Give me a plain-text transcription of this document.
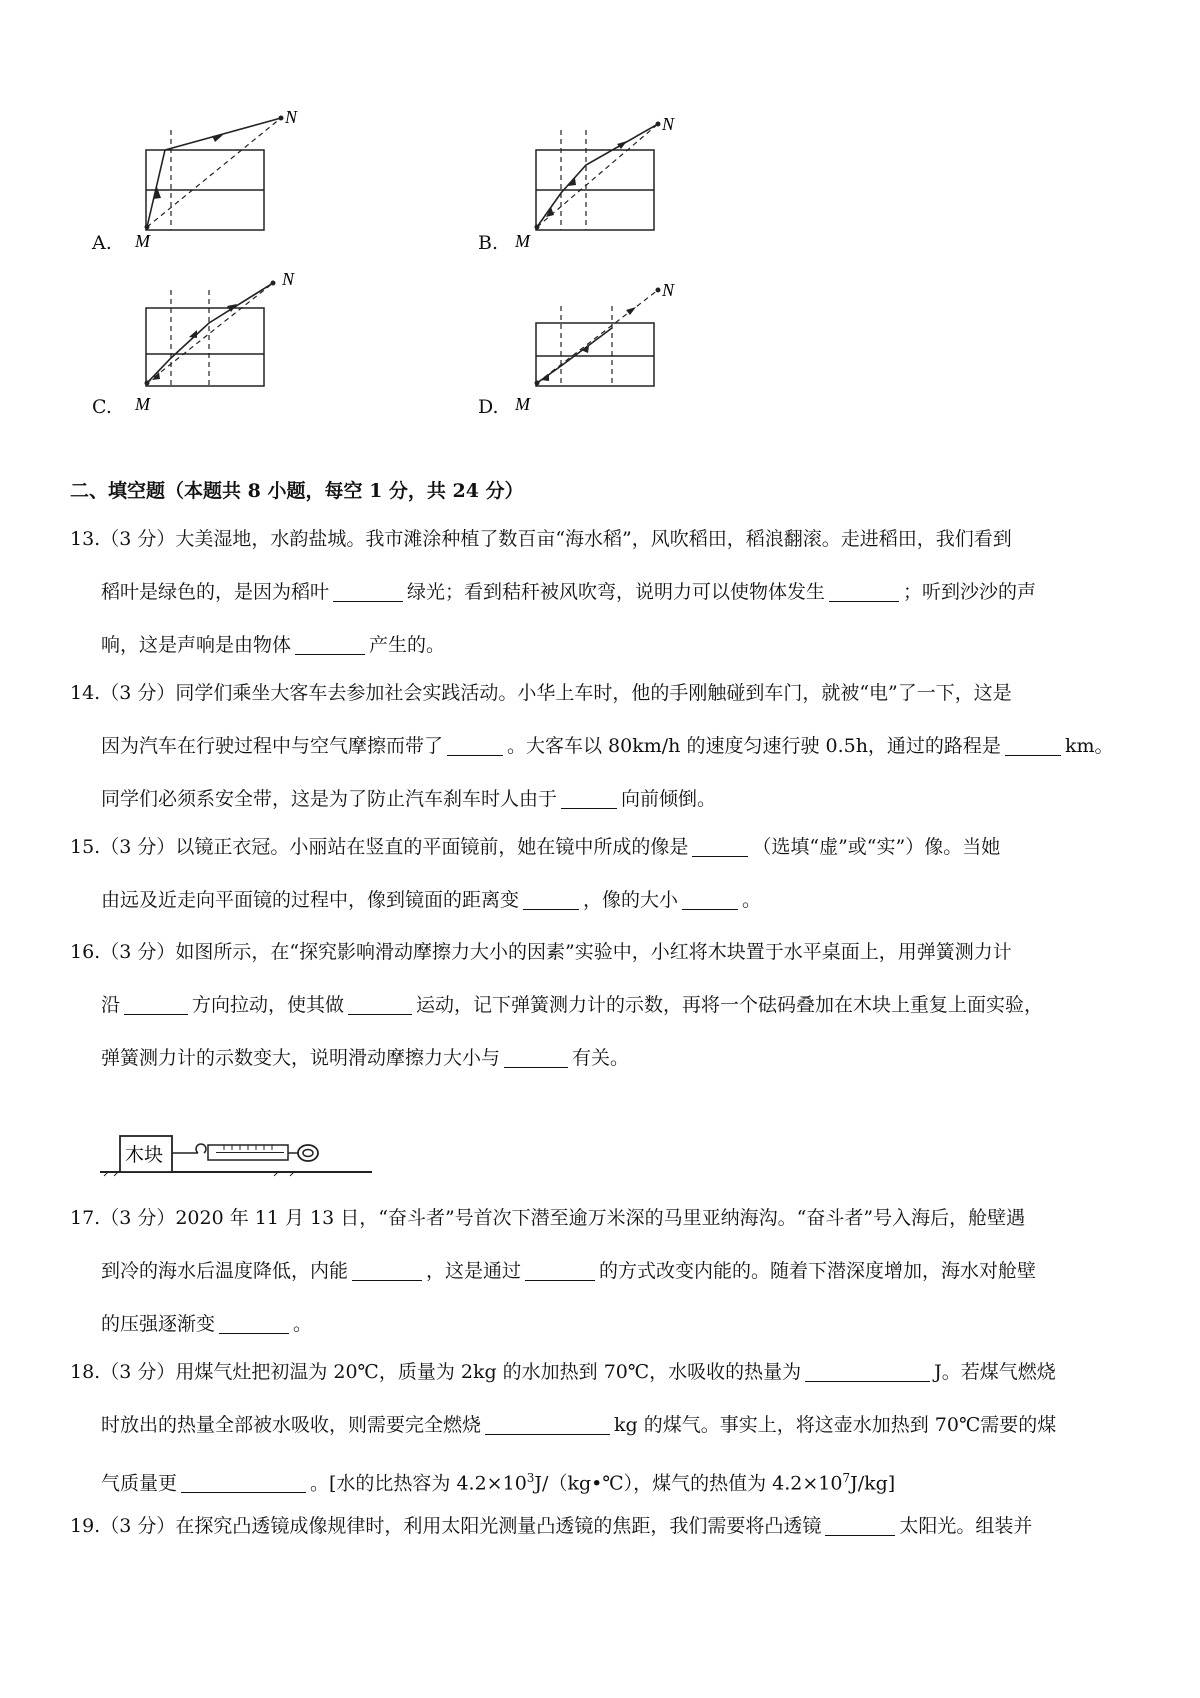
M
N
A.	M
N
B.
M
N
C.	M
N
D.
二、填空题（本题共 8 小题，每空 1 分，共 24 分）
13.（3 分）大美湿地，水韵盐城。我市滩涂种植了数百亩“海水稻”，风吹稻田，稻浪翻滚。走进稻田，我们看到
稻叶是绿色的，是因为稻叶	绿光；看到秸秆被风吹弯，说明力可以使物体发生	；听到沙沙的声
响，这是声响是由物体	产生的。
14.（3 分）同学们乘坐大客车去参加社会实践活动。小华上车时，他的手刚触碰到车门，就被“电”了一下，这是
因为汽车在行驶过程中与空气摩擦而带了	。大客车以 80km/h 的速度匀速行驶 0.5h，通过的路程是	km。
同学们必须系安全带，这是为了防止汽车刹车时人由于	向前倾倒。
15.（3 分）以镜正衣冠。小丽站在竖直的平面镜前，她在镜中所成的像是	（选填“虚”或“实”）像。当她
由远及近走向平面镜的过程中，像到镜面的距离变	，像的大小	。
16.（3 分）如图所示，在“探究影响滑动摩擦力大小的因素”实验中，小红将木块置于水平桌面上，用弹簧测力计
沿	方向拉动，使其做	运动，记下弹簧测力计的示数，再将一个砝码叠加在木块上重复上面实验，
弹簧测力计的示数变大，说明滑动摩擦力大小与	有关。
木块
17.（3 分）2020 年 11 月 13 日，“奋斗者”号首次下潜至逾万米深的马里亚纳海沟。“奋斗者”号入海后，舱壁遇
到冷的海水后温度降低，内能	，这是通过	的方式改变内能的。随着下潜深度增加，海水对舱壁
的压强逐渐变	。
18.（3 分）用煤气灶把初温为 20℃，质量为 2kg 的水加热到 70℃，水吸收的热量为	J。若煤气燃烧
时放出的热量全部被水吸收，则需要完全燃烧	kg 的煤气。事实上，将这壶水加热到 70℃需要的煤
气质量更	。[水的比热容为 $4.2\times 10^3J/(kg•℃)$，煤气的热值为 $4.2\times 10^7J/kg$]
19.（3 分）在探究凸透镜成像规律时，利用太阳光测量凸透镜的焦距，我们需要将凸透镜	太阳光。组装并
